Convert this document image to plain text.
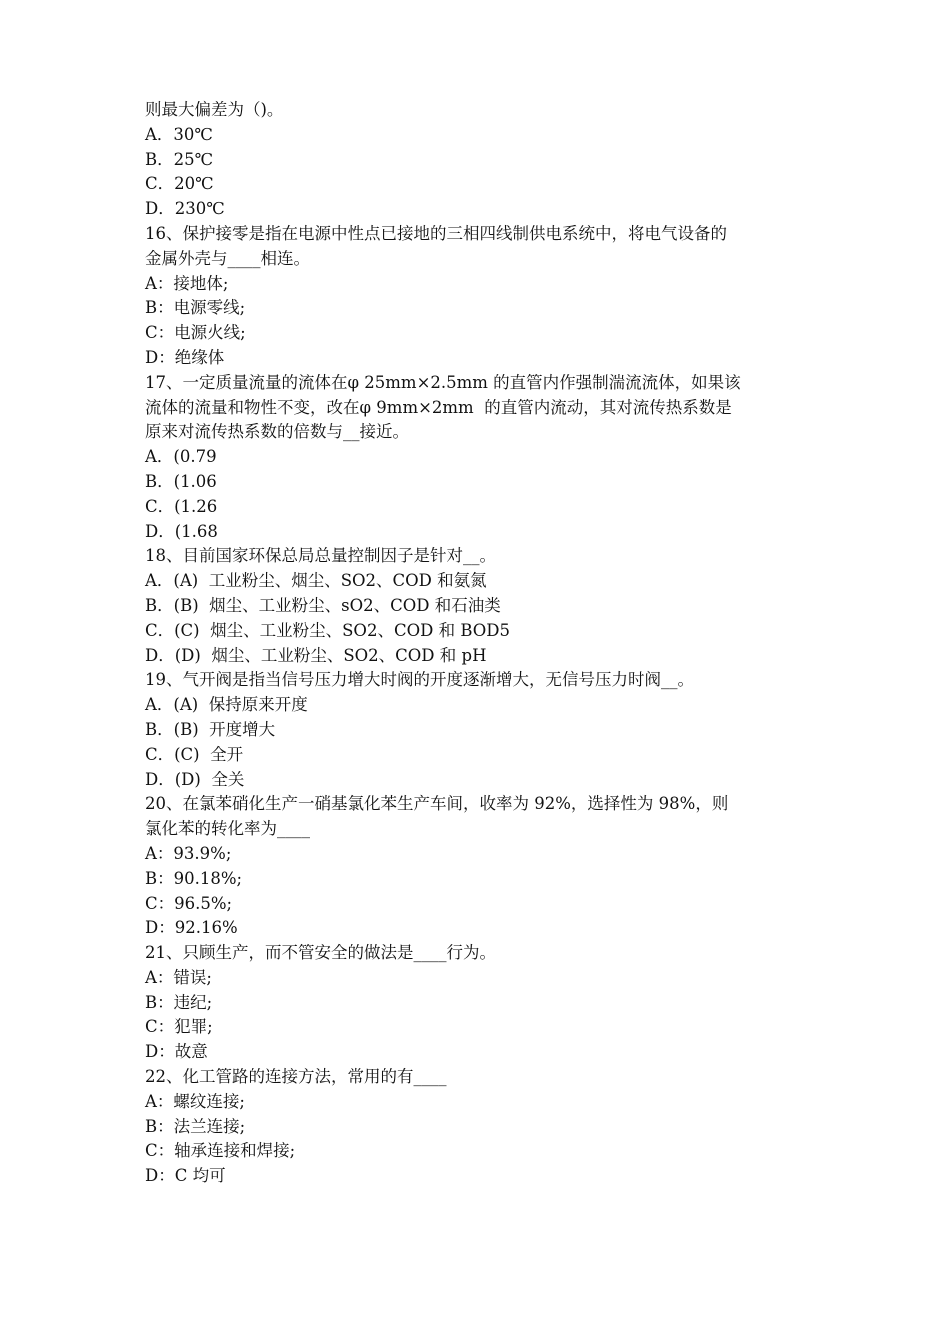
则最大偏差为（)。

A．30℃

B．25℃

C．20℃

D．230℃

16、保护接零是指在电源中性点已接地的三相四线制供电系统中，将电气设备的

金属外壳与____相连。

A：接地体;

B：电源零线;

C：电源火线;

D：绝缘体

17、一定质量流量的流体在φ 25mm×2.5mm 的直管内作强制湍流流体，如果该

流体的流量和物性不变，改在φ 9mm×2mm  的直管内流动，其对流传热系数是

原来对流传热系数的倍数与__接近。

A．(0.79

B．(1.06

C．(1.26

D．(1.68

18、目前国家环保总局总量控制因子是针对__。

A．(A)  工业粉尘、烟尘、SO2、COD 和氨氮

B．(B)  烟尘、工业粉尘、sO2、COD 和石油类

C．(C)  烟尘、工业粉尘、SO2、COD 和 BOD5

D．(D)  烟尘、工业粉尘、SO2、COD 和 pH

19、气开阀是指当信号压力增大时阀的开度逐渐增大，无信号压力时阀__。

A．(A)  保持原来开度

B．(B)  开度增大

C．(C)  全开

D．(D)  全关

20、在氯苯硝化生产一硝基氯化苯生产车间，收率为 92%，选择性为 98%，则

氯化苯的转化率为____

A：93.9%;

B：90.18%;

C：96.5%;

D：92.16%

21、只顾生产，而不管安全的做法是____行为。

A：错误;

B：违纪;

C：犯罪;

D：故意

22、化工管路的连接方法，常用的有____

A：螺纹连接;

B：法兰连接;

C：轴承连接和焊接;

D：C 均可
